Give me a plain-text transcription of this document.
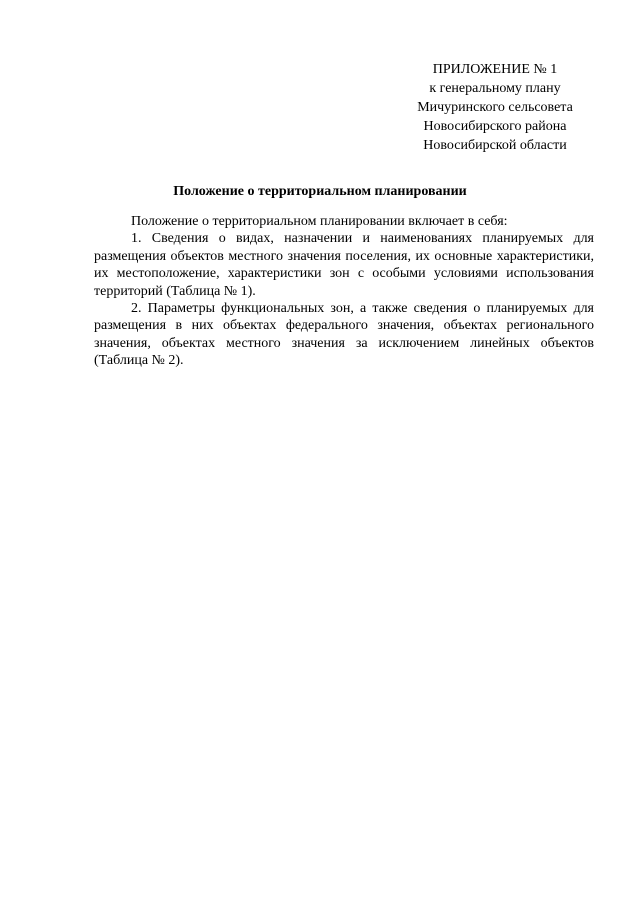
ПРИЛОЖЕНИЕ № 1
к генеральному плану
Мичуринского сельсовета
Новосибирского района
Новосибирской области
Положение о территориальном планировании

Положение о территориальном планировании включает в себя:

1. Сведения о видах, назначении и наименованиях планируемых для размещения объектов местного значения поселения, их основные характеристики, их местоположение, характеристики зон с особыми условиями использования территорий (Таблица № 1).

2. Параметры функциональных зон, а также сведения о планируемых для размещения в них объектах федерального значения, объектах регионального значения, объектах местного значения за исключением линейных объектов (Таблица № 2).
